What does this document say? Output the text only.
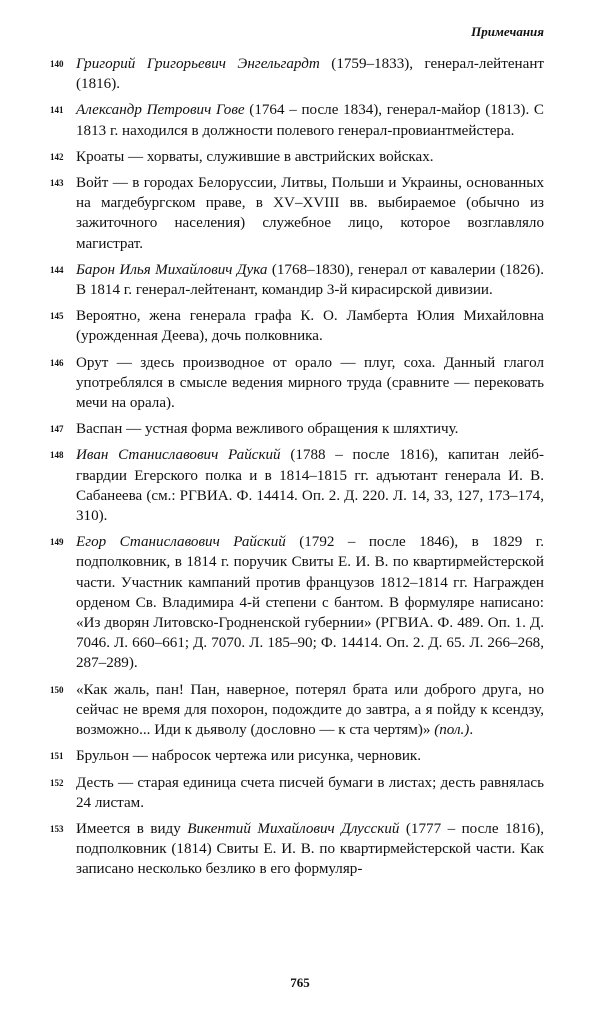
Примечания
140 Григорий Григорьевич Энгельгардт (1759–1833), генерал-лейтенант (1816).

141 Александр Петрович Гове (1764 – после 1834), генерал-майор (1813). С 1813 г. находился в должности полевого генерал-провиантмейстера.

142 Кроаты — хорваты, служившие в австрийских войсках.

143 Войт — в городах Белоруссии, Литвы, Польши и Украины, основанных на магдебургском праве, в XV–XVIII вв. выбираемое (обычно из зажиточного населения) служебное лицо, которое возглавляло магистрат.

144 Барон Илья Михайлович Дука (1768–1830), генерал от кавалерии (1826). В 1814 г. генерал-лейтенант, командир 3-й кирасирской дивизии.

145 Вероятно, жена генерала графа К. О. Ламберта Юлия Михайловна (урожденная Деева), дочь полковника.

146 Орут — здесь производное от орало — плуг, соха. Данный глагол употреблялся в смысле ведения мирного труда (сравните — перековать мечи на орала).

147 Васпан — устная форма вежливого обращения к шляхтичу.

148 Иван Станиславович Райский (1788 – после 1816), капитан лейб-гвардии Егерского полка и в 1814–1815 гг. адъютант генерала И. В. Сабанеева (см.: РГВИА. Ф. 14414. Оп. 2. Д. 220. Л. 14, 33, 127, 173–174, 310).

149 Егор Станиславович Райский (1792 – после 1846), в 1829 г. подполковник, в 1814 г. поручик Свиты Е. И. В. по квартирмейстерской части. Участник кампаний против французов 1812–1814 гг. Награжден орденом Св. Владимира 4-й степени с бантом. В формуляре написано: «Из дворян Литовско-Гродненской губернии» (РГВИА. Ф. 489. Оп. 1. Д. 7046. Л. 660–661; Д. 7070. Л. 185–90; Ф. 14414. Оп. 2. Д. 65. Л. 266–268, 287–289).

150 «Как жаль, пан! Пан, наверное, потерял брата или доброго друга, но сейчас не время для похорон, подождите до завтра, а я пойду к ксендзу, возможно... Иди к дьяволу (дословно — к ста чертям)» (пол.).

151 Брульон — набросок чертежа или рисунка, черновик.

152 Десть — старая единица счета писчей бумаги в листах; десть равнялась 24 листам.

153 Имеется в виду Викентий Михайлович Длусский (1777 – после 1816), подполковник (1814) Свиты Е. И. В. по квартирмейстерской части. Как записано несколько безлико в его формуляр-

765
